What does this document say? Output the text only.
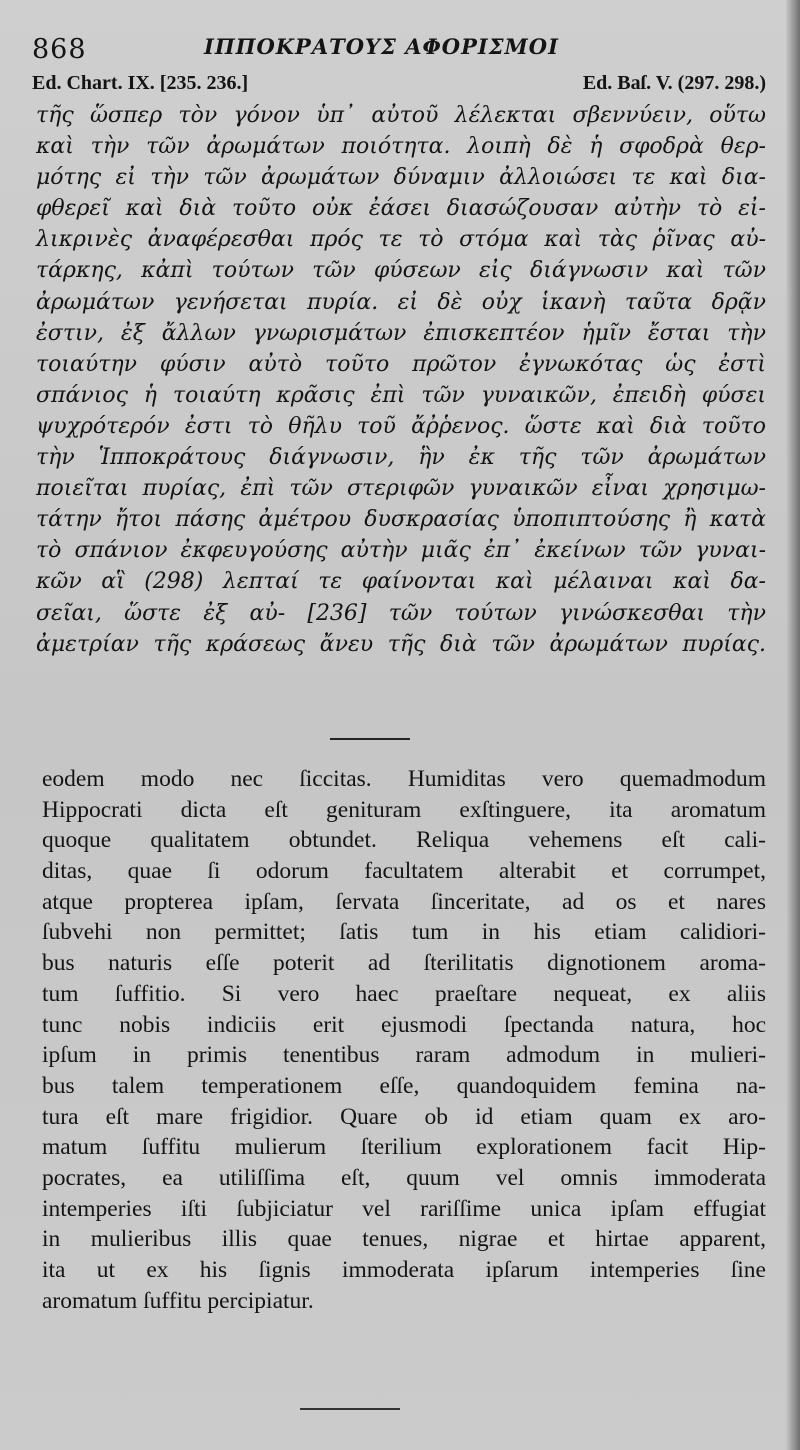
868	ΙΠΠΟΚΡΑΤΟΥΣ ΑΦΟΡΙΣΜΟΙ
Ed. Chart. IX. [235. 236.]	Ed. Baſ. V. (297. 298.)
τῆς ὥσπερ τὸν γόνον ὑπ᾽ αὐτοῦ λέλεκται σβεννύειν, οὕτω
καὶ τὴν τῶν ἀρωμάτων ποιότητα. λοιπὴ δὲ ἡ σφοδρὰ θερ-
μότης εἰ τὴν τῶν ἀρωμάτων δύναμιν ἀλλοιώσει τε καὶ δια-
φθερεῖ καὶ διὰ τοῦτο οὐκ ἐάσει διασώζουσαν αὐτὴν τὸ εἰ-
λικρινὲς ἀναφέρεσθαι πρός τε τὸ στόμα καὶ τὰς ῥῖνας αὐ-
τάρκης, κἀπὶ τούτων τῶν φύσεων εἰς διάγνωσιν καὶ τῶν
ἀρωμάτων γενήσεται πυρία. εἰ δὲ οὐχ ἱκανὴ ταῦτα δρᾷν
ἐστιν, ἐξ ἄλλων γνωρισμάτων ἐπισκεπτέον ἡμῖν ἔσται τὴν
τοιαύτην φύσιν αὐτὸ τοῦτο πρῶτον ἐγνωκότας ὡς ἐστὶ
σπάνιος ἡ τοιαύτη κρᾶσις ἐπὶ τῶν γυναικῶν, ἐπειδὴ φύσει
ψυχρότερόν ἐστι τὸ θῆλυ τοῦ ἄῤῥενος. ὥστε καὶ διὰ τοῦτο
τὴν Ἱπποκράτους διάγνωσιν, ἣν ἐκ τῆς τῶν ἀρωμάτων
ποιεῖται πυρίας, ἐπὶ τῶν στεριφῶν γυναικῶν εἶναι χρησιμω-
τάτην ἤτοι πάσης ἀμέτρου δυσκρασίας ὑποπιπτούσης ἢ κατὰ
τὸ σπάνιον ἐκφευγούσης αὐτὴν μιᾶς ἐπ᾽ ἐκείνων τῶν γυναι-
κῶν αἳ (298) λεπταί τε φαίνονται καὶ μέλαιναι καὶ δα-
σεῖαι, ὥστε ἐξ αὐ- [236] τῶν τούτων γινώσκεσθαι τὴν
ἀμετρίαν τῆς κράσεως ἄνευ τῆς διὰ τῶν ἀρωμάτων πυρίας.
eodem modo nec ſiccitas. Humiditas vero quemadmodum
Hippocrati dicta eſt genituram exſtinguere, ita aromatum
quoque qualitatem obtundet. Reliqua vehemens eſt cali-
ditas, quae ſi odorum facultatem alterabit et corrumpet,
atque propterea ipſam, ſervata ſinceritate, ad os et nares
ſubvehi non permittet; ſatis tum in his etiam calidiori-
bus naturis eſſe poterit ad ſterilitatis dignotionem aroma-
tum ſuffitio. Si vero haec praeſtare nequeat, ex aliis
tunc nobis indiciis erit ejusmodi ſpectanda natura, hoc
ipſum in primis tenentibus raram admodum in mulieri-
bus talem temperationem eſſe, quandoquidem femina na-
tura eſt mare frigidior. Quare ob id etiam quam ex aro-
matum ſuffitu mulierum ſterilium explorationem facit Hip-
pocrates, ea utiliſſima eſt, quum vel omnis immoderata
intemperies iſti ſubjiciatur vel rariſſime unica ipſam effugiat
in mulieribus illis quae tenues, nigrae et hirtae apparent,
ita ut ex his ſignis immoderata ipſarum intemperies ſine
aromatum ſuffitu percipiatur.
